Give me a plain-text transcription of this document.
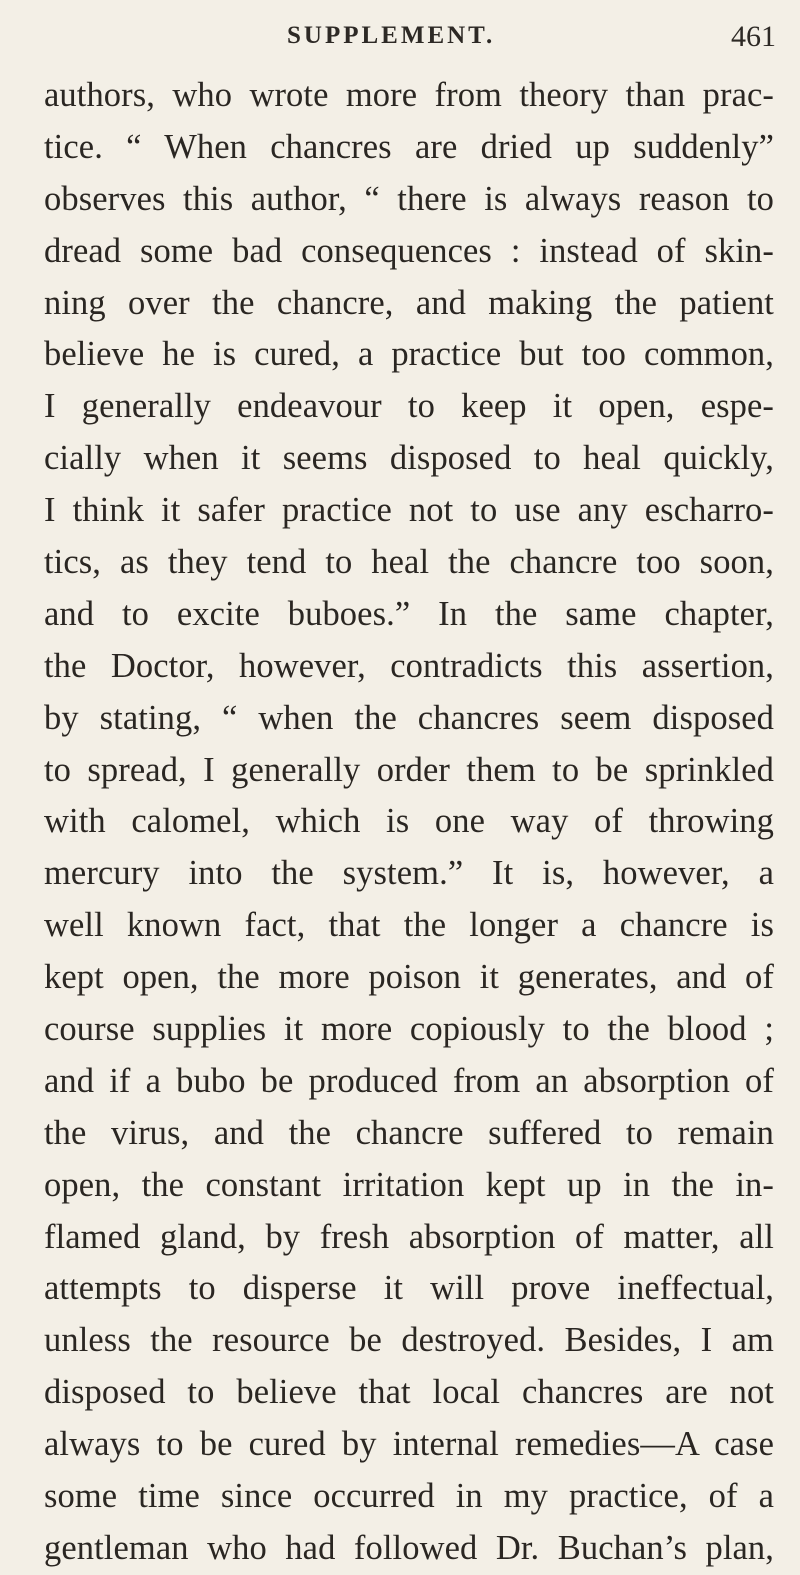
SUPPLEMENT.	461
authors, who wrote more from theory than prac-
tice. “ When chancres are dried up suddenly”
observes this author, “ there is always reason to
dread some bad consequences : instead of skin-
ning over the chancre, and making the patient
believe he is cured, a practice but too common,
I generally endeavour to keep it open, espe-
cially when it seems disposed to heal quickly,
I think it safer practice not to use any escharro-
tics, as they tend to heal the chancre too soon,
and to excite buboes.” In the same chapter,
the Doctor, however, contradicts this assertion,
by stating, “ when the chancres seem disposed
to spread, I generally order them to be sprinkled
with calomel, which is one way of throwing
mercury into the system.” It is, however, a
well known fact, that the longer a chancre is
kept open, the more poison it generates, and of
course supplies it more copiously to the blood ;
and if a bubo be produced from an absorption of
the virus, and the chancre suffered to remain
open, the constant irritation kept up in the in-
flamed gland, by fresh absorption of matter, all
attempts to disperse it will prove ineffectual,
unless the resource be destroyed. Besides, I am
disposed to believe that local chancres are not
always to be cured by internal remedies—A case
some time since occurred in my practice, of a
gentleman who had followed Dr. Buchan’s plan,
